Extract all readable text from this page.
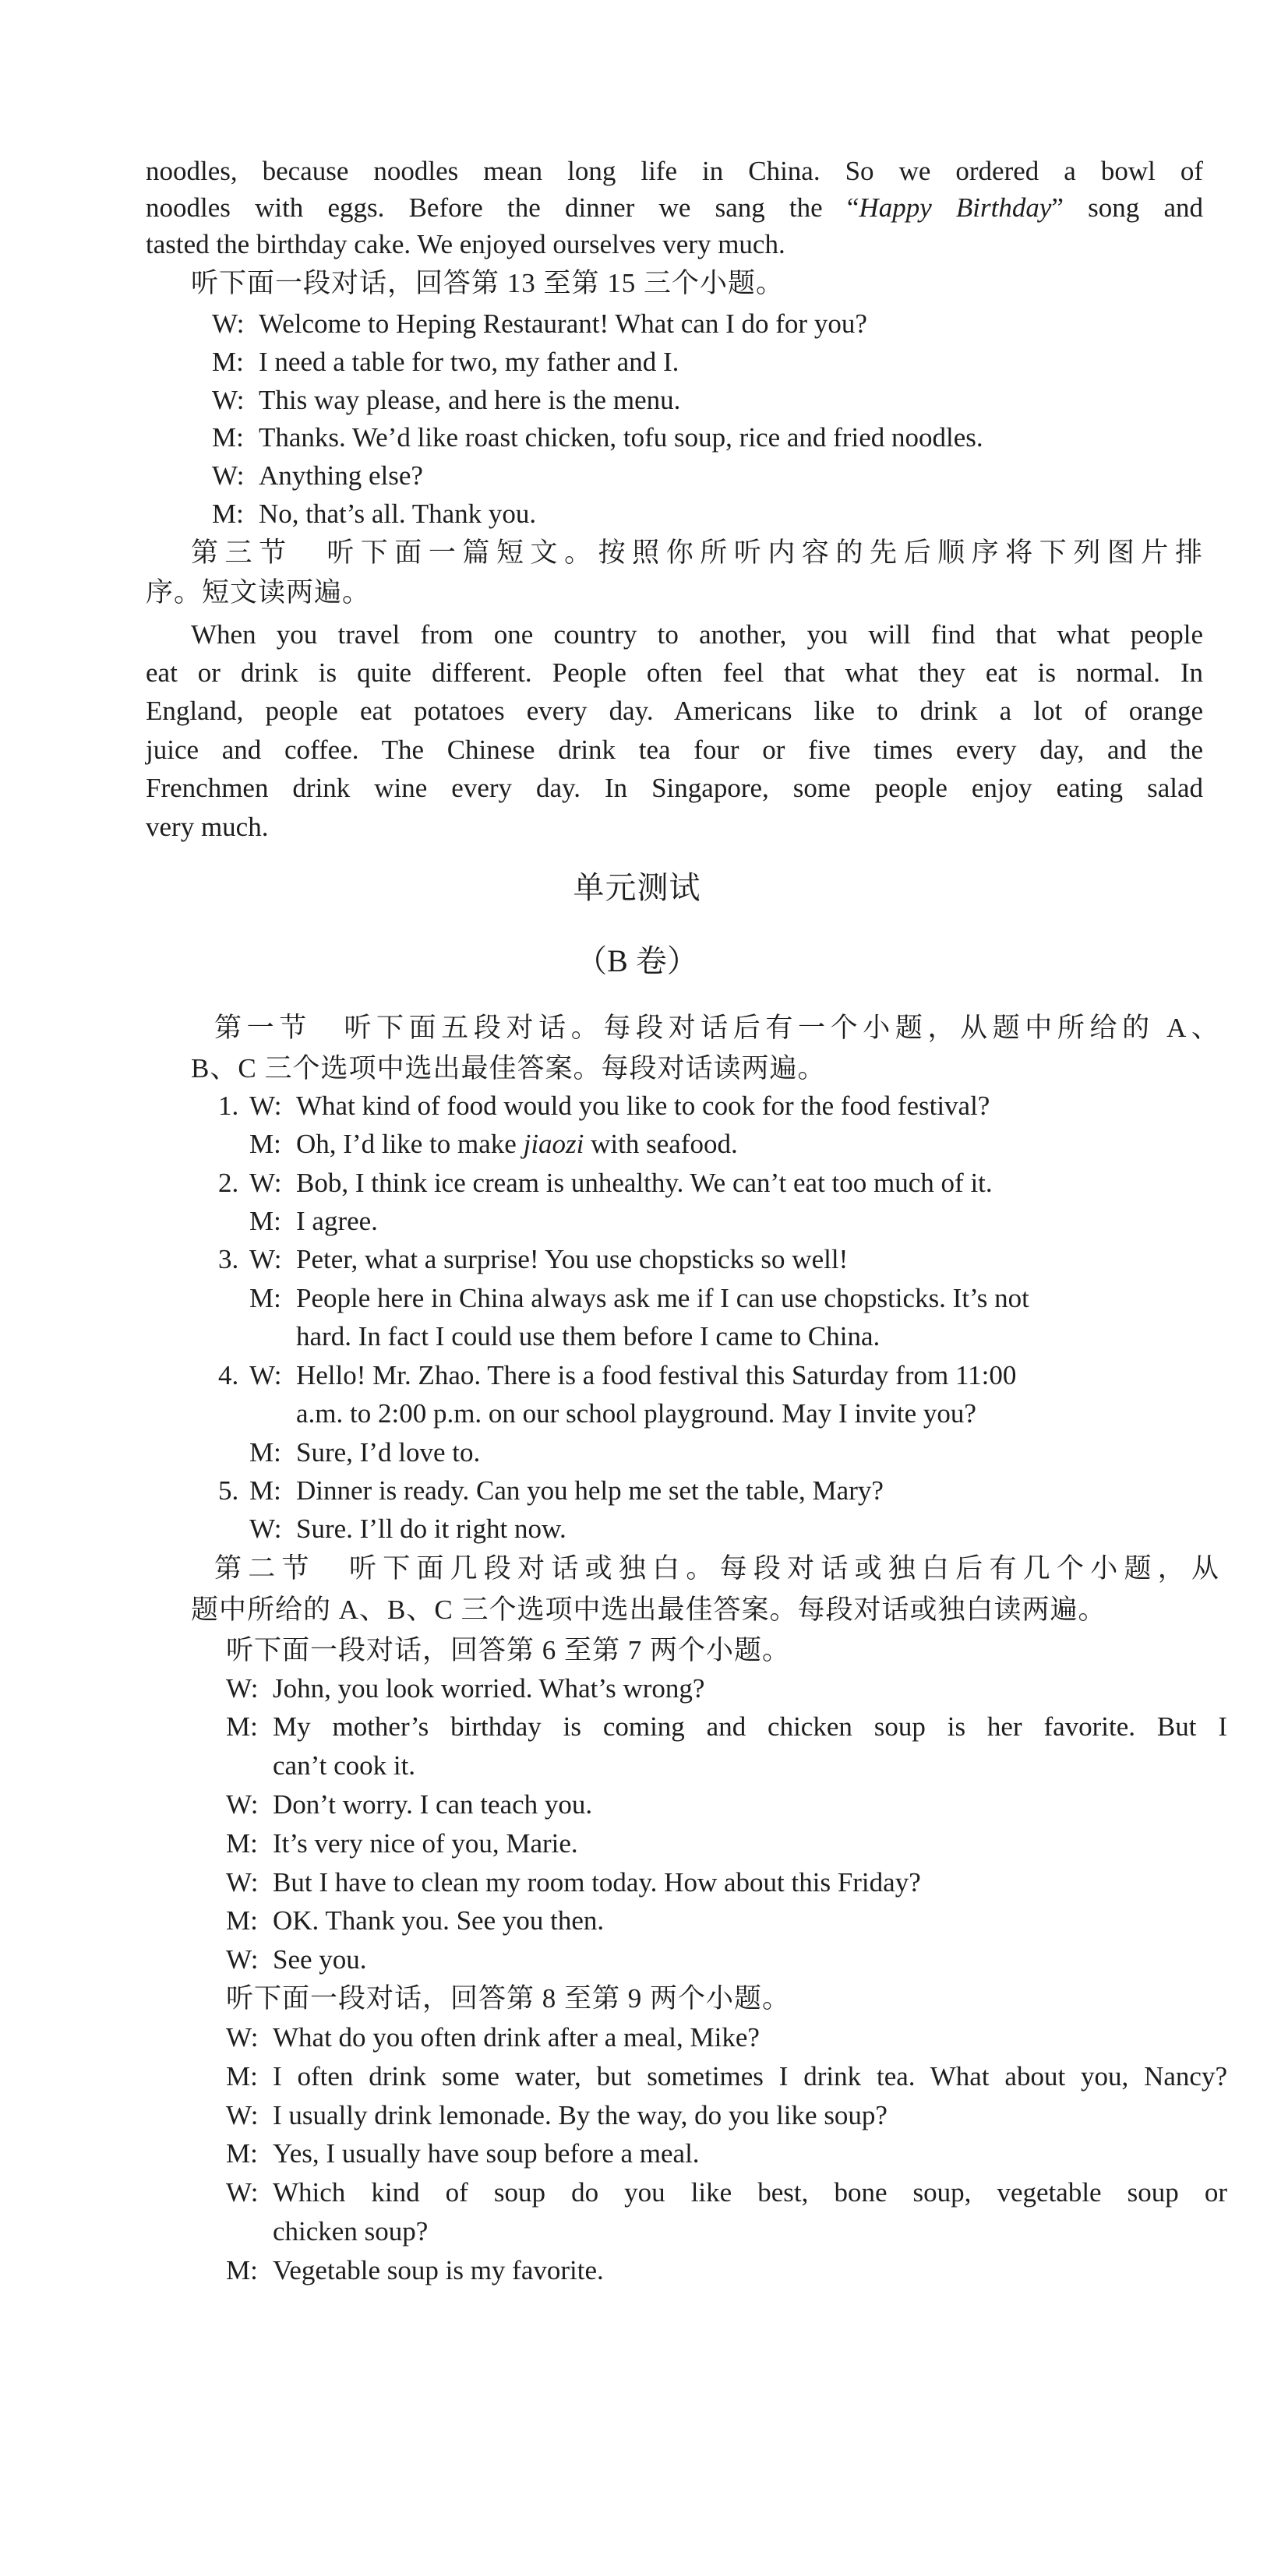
noodles, because noodles mean long life in China. So we ordered a bowl of
noodles with eggs. Before the dinner we sang the “Happy Birthday” song and
tasted the birthday cake. We enjoyed ourselves very much.
听下面一段对话，回答第 13 至第 15 三个小题。
W: Welcome to Heping Restaurant! What can I do for you?
M: I need a table for two, my father and I.
W: This way please, and here is the menu.
M: Thanks. We’d like roast chicken, tofu soup, rice and fried noodles.
W: Anything else?
M: No, that’s all. Thank you.
第三节　听下面一篇短文。按照你所听内容的先后顺序将下列图片排
序。短文读两遍。
When you travel from one country to another, you will find that what people
eat or drink is quite different. People often feel that what they eat is normal. In
England, people eat potatoes every day. Americans like to drink a lot of orange
juice and coffee. The Chinese drink tea four or five times every day, and the
Frenchmen drink wine every day. In Singapore, some people enjoy eating salad
very much.
单元测试
（B 卷）
第一节　听下面五段对话。每段对话后有一个小题，从题中所给的 A、
B、C 三个选项中选出最佳答案。每段对话读两遍。
1. W: What kind of food would you like to cook for the food festival?
M: Oh, I’d like to make jiaozi with seafood.
2. W: Bob, I think ice cream is unhealthy. We can’t eat too much of it.
M: I agree.
3. W: Peter, what a surprise! You use chopsticks so well!
M: People here in China always ask me if I can use chopsticks. It’s not
hard. In fact I could use them before I came to China.
4. W: Hello! Mr. Zhao. There is a food festival this Saturday from 11:00
a.m. to 2:00 p.m. on our school playground. May I invite you?
M: Sure, I’d love to.
5. M: Dinner is ready. Can you help me set the table, Mary?
W: Sure. I’ll do it right now.
第二节　听下面几段对话或独白。每段对话或独白后有几个小题，从
题中所给的 A、B、C 三个选项中选出最佳答案。每段对话或独白读两遍。
听下面一段对话，回答第 6 至第 7 两个小题。
W: John, you look worried. What’s wrong?
M: My mother’s birthday is coming and chicken soup is her favorite. But I
can’t cook it.
W: Don’t worry. I can teach you.
M: It’s very nice of you, Marie.
W: But I have to clean my room today. How about this Friday?
M: OK. Thank you. See you then.
W: See you.
听下面一段对话，回答第 8 至第 9 两个小题。
W: What do you often drink after a meal, Mike?
M: I often drink some water, but sometimes I drink tea. What about you, Nancy?
W: I usually drink lemonade. By the way, do you like soup?
M: Yes, I usually have soup before a meal.
W: Which kind of soup do you like best, bone soup, vegetable soup or
chicken soup?
M: Vegetable soup is my favorite.
